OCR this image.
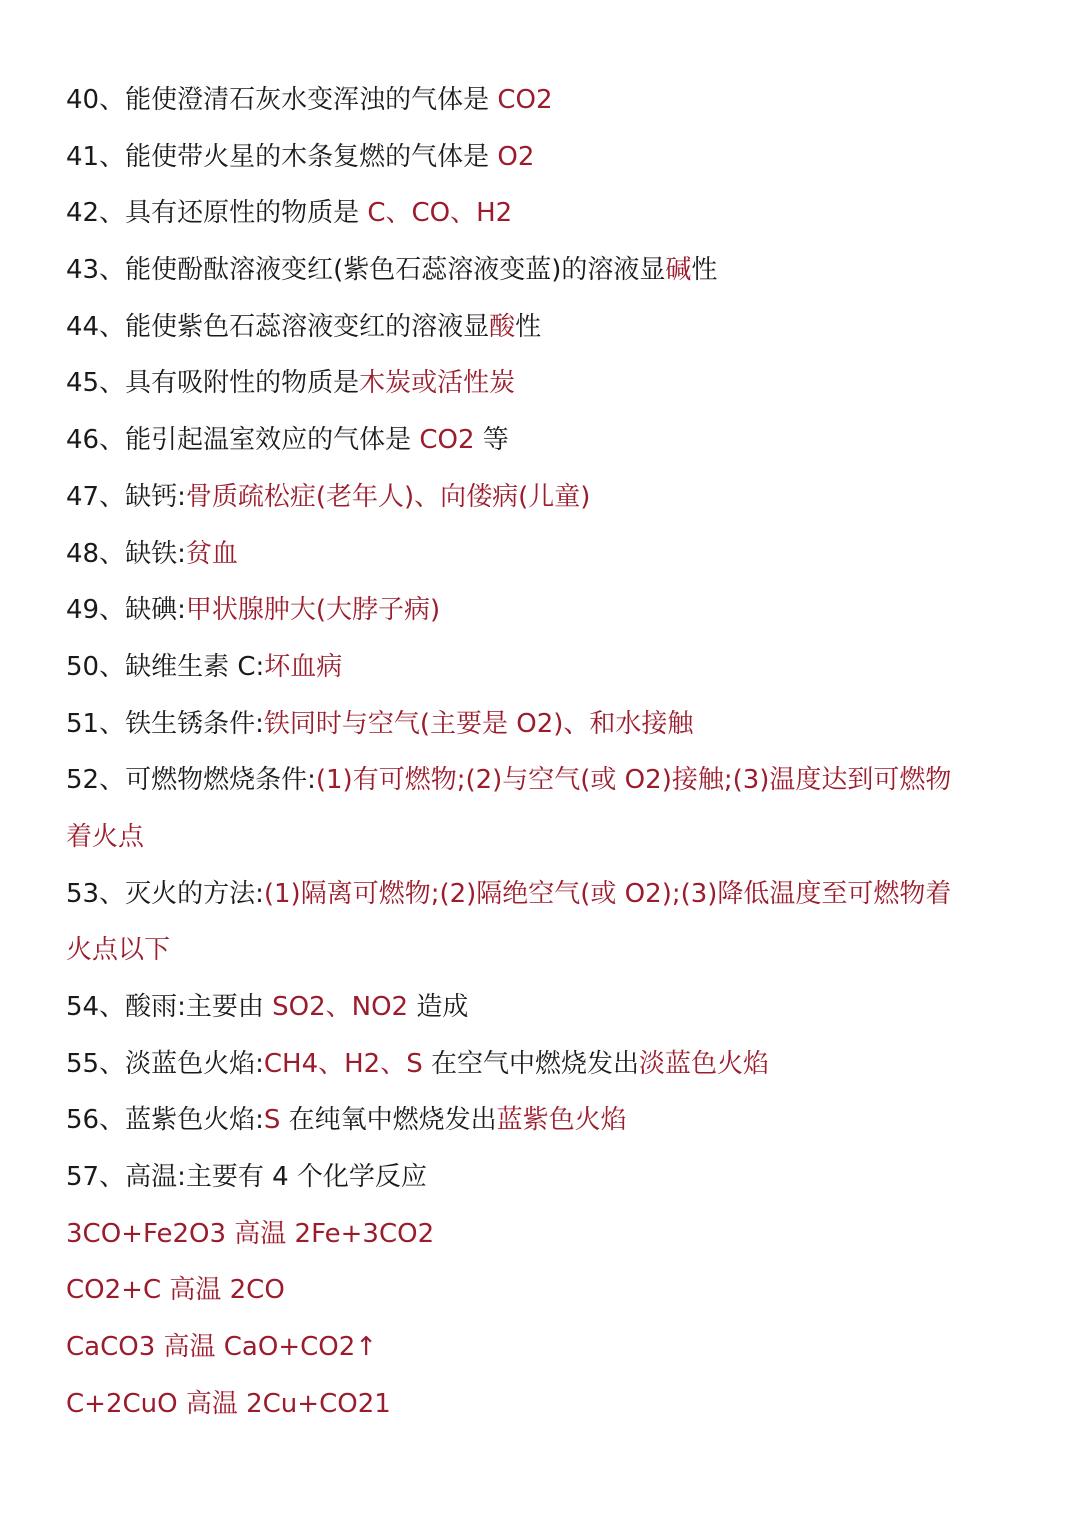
40、能使澄清石灰水变浑浊的气体是 CO2
41、能使带火星的木条复燃的气体是 O2
42、具有还原性的物质是 C、CO、H2
43、能使酚酞溶液变红(紫色石蕊溶液变蓝)的溶液显碱性
44、能使紫色石蕊溶液变红的溶液显酸性
45、具有吸附性的物质是木炭或活性炭
46、能引起温室效应的气体是 CO2 等
47、缺钙:骨质疏松症(老年人)、向偻病(儿童)
48、缺铁:贫血
49、缺碘:甲状腺肿大(大脖子病)
50、缺维生素 C:坏血病
51、铁生锈条件:铁同时与空气(主要是 O2)、和水接触
52、可燃物燃烧条件:(1)有可燃物;(2)与空气(或 O2)接触;(3)温度达到可燃物
着火点
53、灭火的方法:(1)隔离可燃物;(2)隔绝空气(或 O2);(3)降低温度至可燃物着
火点以下
54、酸雨:主要由 SO2、NO2 造成
55、淡蓝色火焰:CH4、H2、S 在空气中燃烧发出淡蓝色火焰
56、蓝紫色火焰:S 在纯氧中燃烧发出蓝紫色火焰
57、高温:主要有 4 个化学反应
3CO+Fe2O3 高温 2Fe+3CO2
CO2+C 高温 2CO
CaCO3 高温 CaO+CO2↑
C+2CuO 高温 2Cu+CO21
